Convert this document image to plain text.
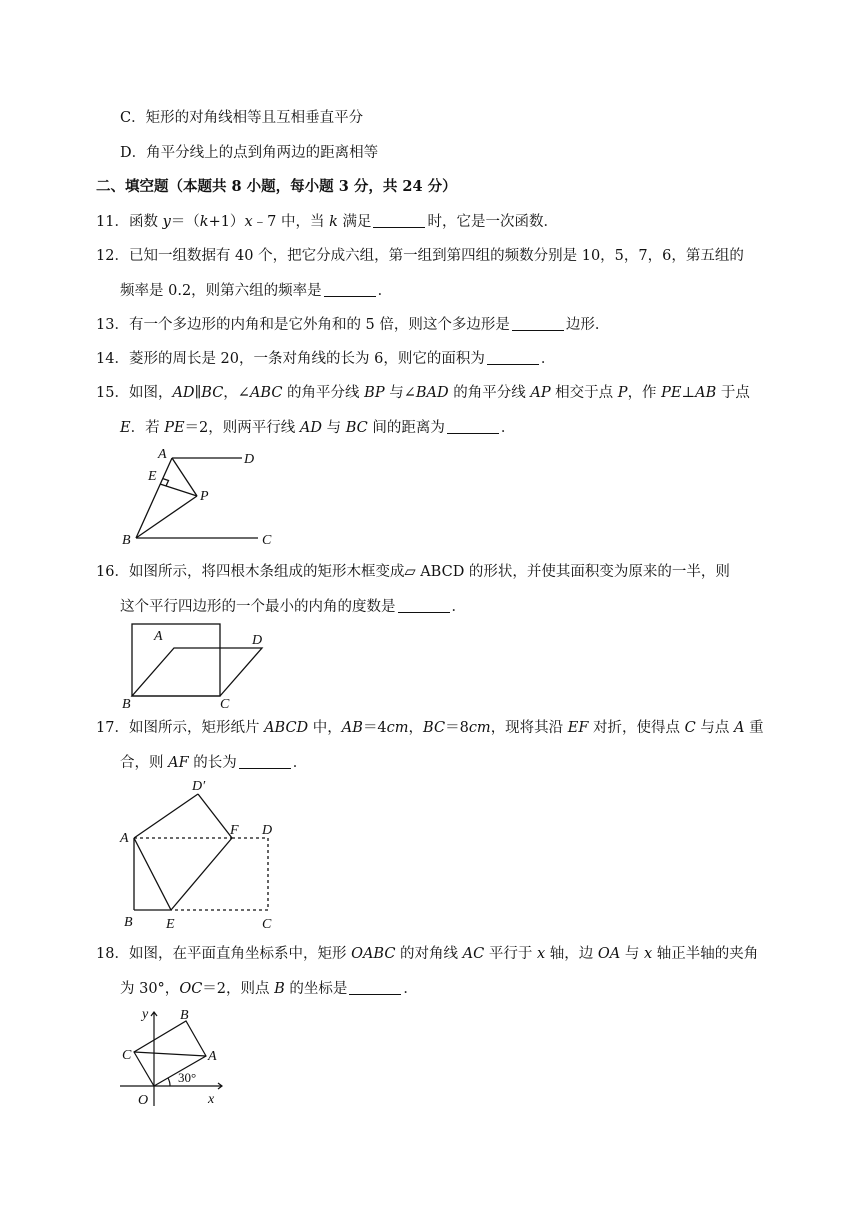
C．矩形的对角线相等且互相垂直平分
D．角平分线上的点到角两边的距离相等
二、填空题（本题共 8 小题，每小题 3 分，共 24 分）
11．函数 y＝（k+1）x﹣7 中，当 k 满足	时，它是一次函数．
12．已知一组数据有 40 个，把它分成六组，第一组到第四组的频数分别是 10，5，7，6，第五组的
频率是 0.2，则第六组的频率是	．
13．有一个多边形的内角和是它外角和的 5 倍，则这个多边形是	边形．
14．菱形的周长是 20，一条对角线的长为 6，则它的面积为	．
15．如图，AD∥BC，∠ABC 的角平分线 BP 与∠BAD 的角平分线 AP 相交于点 P，作 PE⊥AB 于点
E．若 PE＝2，则两平行线 AD 与 BC 间的距离为	．
A	D
E
P
B	C
16．如图所示，将四根木条组成的矩形木框变成▱ ABCD 的形状，并使其面积变为原来的一半，则
这个平行四边形的一个最小的内角的度数是	．
A	D
B	C
17．如图所示，矩形纸片 ABCD 中，AB＝4cm，BC＝8cm，现将其沿 EF 对折，使得点 C 与点 A 重
合，则 AF 的长为	．
D′
A
F D
B E	C
18．如图，在平面直角坐标系中，矩形 OABC 的对角线 AC 平行于 x 轴，边 OA 与 x 轴正半轴的夹角
为 30°，OC＝2，则点 B 的坐标是	．
y B
C	A
30°
O	x
